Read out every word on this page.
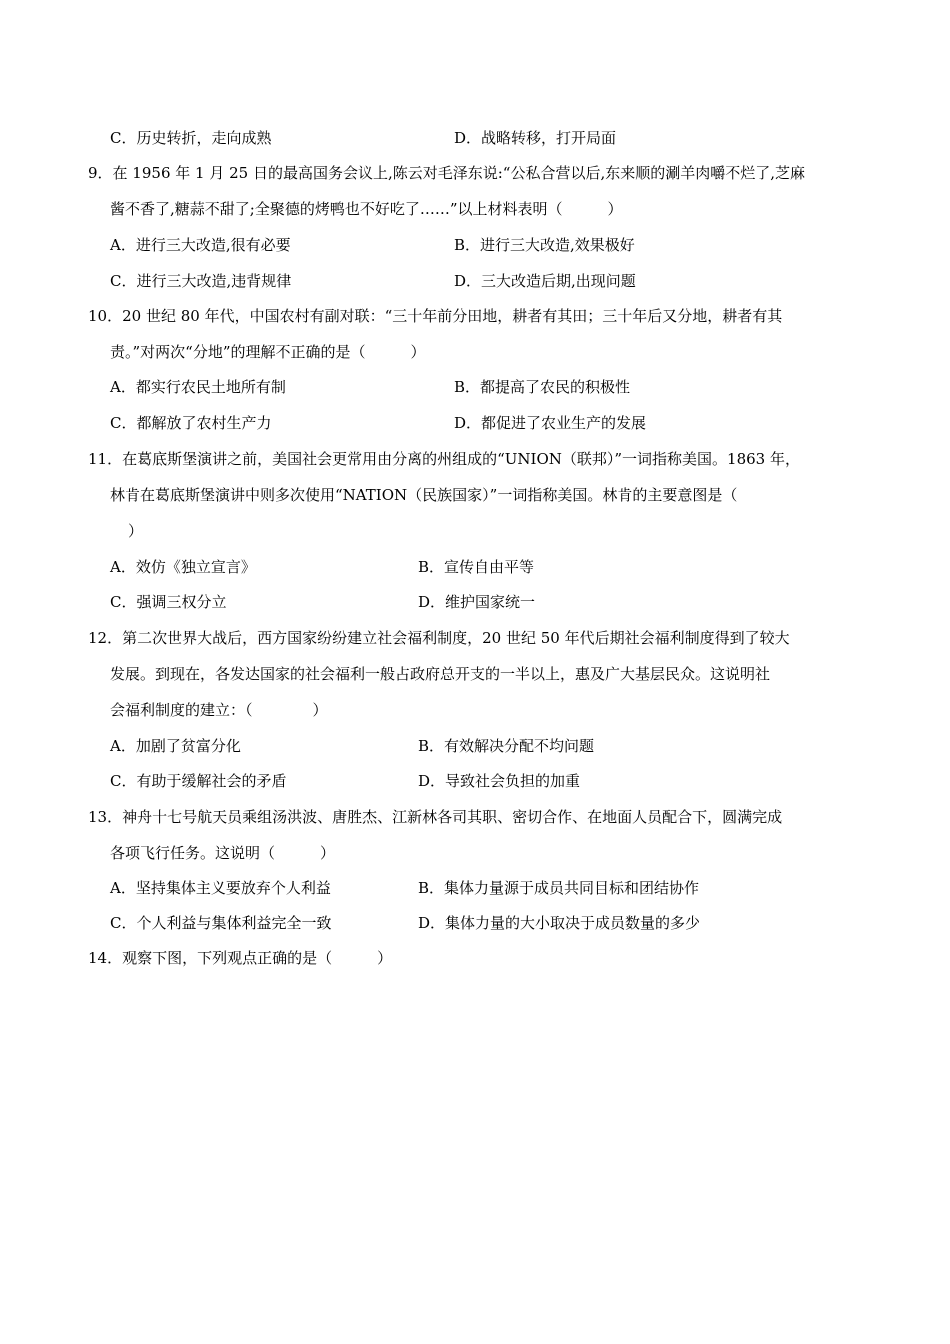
C．历史转折，走向成熟	D．战略转移，打开局面
9．在 1956 年 1 月 25 日的最高国务会议上,陈云对毛泽东说:“公私合营以后,东来顺的涮羊肉嚼不烂了,芝麻
酱不香了,糖蒜不甜了;全聚德的烤鸭也不好吃了……”以上材料表明（　　　）
A．进行三大改造,很有必要	B．进行三大改造,效果极好
C．进行三大改造,违背规律	D．三大改造后期,出现问题
10．20 世纪 80 年代，中国农村有副对联：“三十年前分田地，耕者有其田；三十年后又分地，耕者有其
责。”对两次“分地”的理解不正确的是（　　　）
A．都实行农民土地所有制	B．都提高了农民的积极性
C．都解放了农村生产力	D．都促进了农业生产的发展
11．在葛底斯堡演讲之前，美国社会更常用由分离的州组成的“UNION（联邦）”一词指称美国。1863 年，
林肯在葛底斯堡演讲中则多次使用“NATION（民族国家）”一词指称美国。林肯的主要意图是（
）
A．效仿《独立宣言》	B．宣传自由平等
C．强调三权分立	D．维护国家统一
12．第二次世界大战后，西方国家纷纷建立社会福利制度，20 世纪 50 年代后期社会福利制度得到了较大
发展。到现在，各发达国家的社会福利一般占政府总开支的一半以上，惠及广大基层民众。这说明社
会福利制度的建立：（　　　　）
A．加剧了贫富分化	B．有效解决分配不均问题
C．有助于缓解社会的矛盾	D．导致社会负担的加重
13．神舟十七号航天员乘组汤洪波、唐胜杰、江新林各司其职、密切合作、在地面人员配合下，圆满完成
各项飞行任务。这说明（　　　）
A．坚持集体主义要放弃个人利益	B．集体力量源于成员共同目标和团结协作
C．个人利益与集体利益完全一致	D．集体力量的大小取决于成员数量的多少
14．观察下图，下列观点正确的是（　　　）
